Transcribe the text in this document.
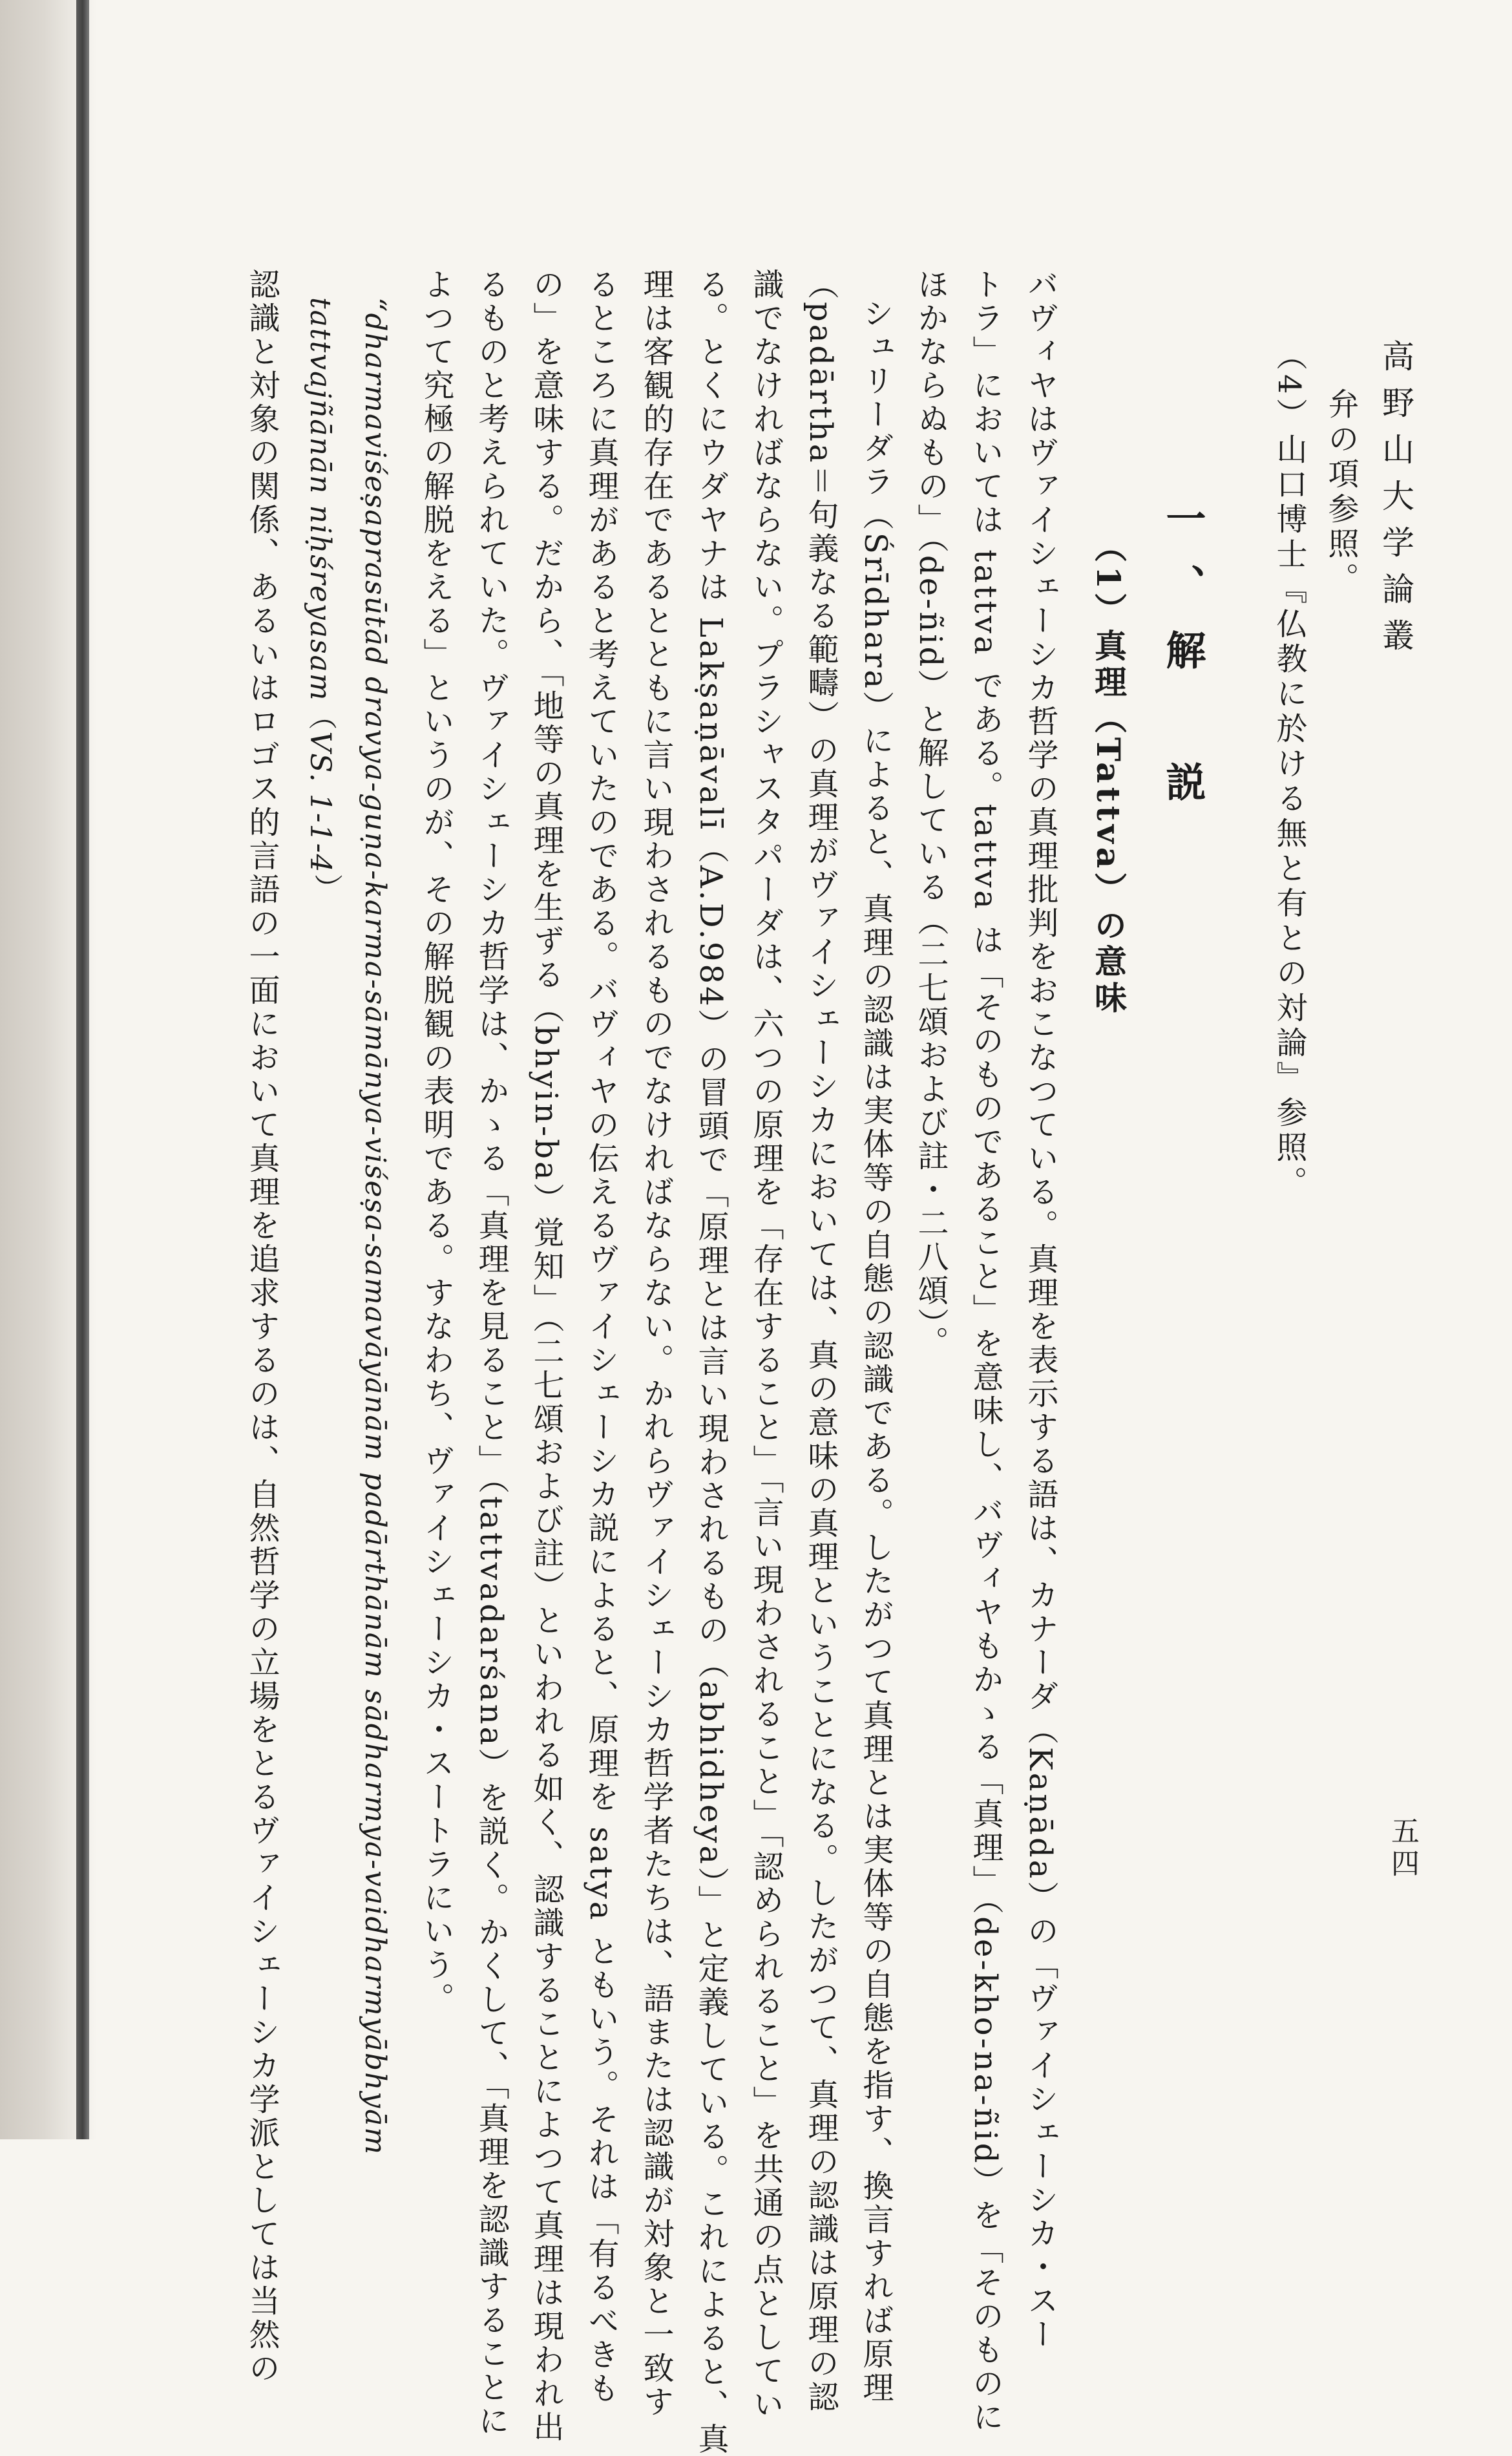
高野山大学論叢
五四
弁の項参照。
（4）山口博士『仏教に於ける無と有との対論』参照。
一、解　説
（1）真理（Tattva）の意味
バヴィヤはヴァイシェーシカ哲学の真理批判をおこなつている。真理を表示する語は、カナーダ（Kaṇāda）の「ヴァイシェーシカ・スー
トラ」においては tattva である。tattva は「そのものであること」を意味し、バヴィヤもかゝる「真理」（de-kho-na-ñid）を「そのものに
ほかならぬもの」（de-ñid）と解している（二七頌および註・二八頌）。
シュリーダラ（Śrīdhara）によると、真理の認識は実体等の自態の認識である。したがつて真理とは実体等の自態を指す、換言すれば原理
（padārtha＝句義なる範疇）の真理がヴァイシェーシカにおいては、真の意味の真理ということになる。したがつて、真理の認識は原理の認
識でなければならない。プラシャスタパーダは、六つの原理を「存在すること」「言い現わされること」「認められること」を共通の点としてい
る。とくにウダヤナは Lakṣaṇāvalī（A.D.984）の冒頭で「原理とは言い現わされるもの（abhidheya）」と定義している。これによると、真
理は客観的存在であるとともに言い現わされるものでなければならない。かれらヴァイシェーシカ哲学者たちは、語または認識が対象と一致す
るところに真理があると考えていたのである。バヴィヤの伝えるヴァイシェーシカ説によると、原理を satya ともいう。それは「有るべきも
の」を意味する。だから、「地等の真理を生ずる（bhyin-ba）覚知」（二七頌および註）といわれる如く、認識することによつて真理は現われ出
るものと考えられていた。ヴァイシェーシカ哲学は、かゝる「真理を見ること」（tattvadarśana）を説く。かくして、「真理を認識することに
よつて究極の解脱をえる」というのが、その解脱観の表明である。すなわち、ヴァイシェーシカ・スートラにいう。
“dharmaviśeṣaprasūtād dravya-guṇa-karma-sāmānya-viśeṣa-samavāyānām padārthānām sādharmya-vaidharmyābhyām
tattvajñānān niḥśreyasam（VS. 1-1-4）
認識と対象の関係、あるいはロゴス的言語の一面において真理を追求するのは、自然哲学の立場をとるヴァイシェーシカ学派としては当然の
